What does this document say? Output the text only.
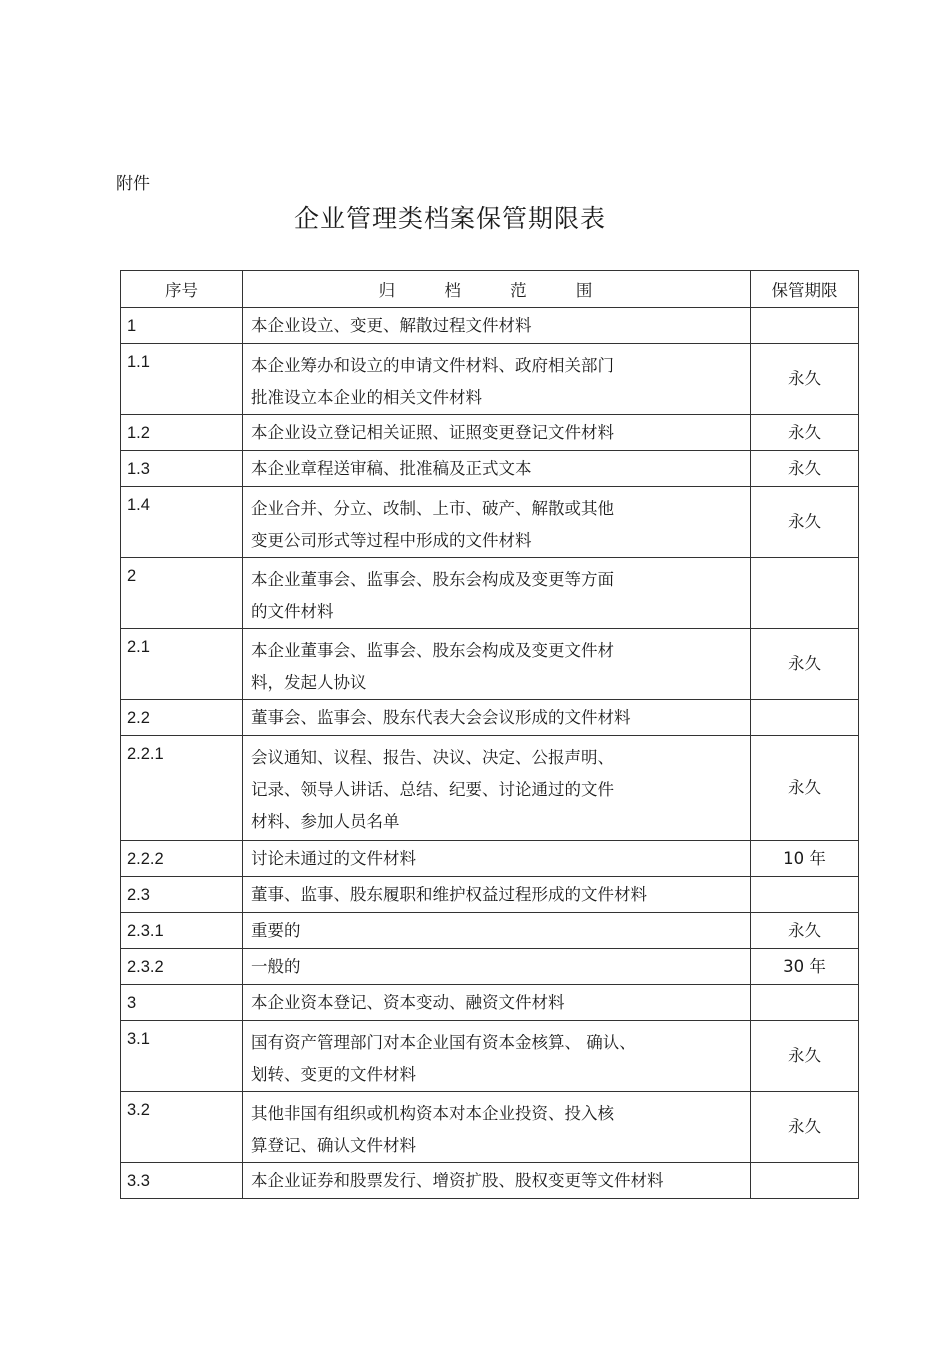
附件
企业管理类档案保管期限表
序号	归 档 范 围	保管期限
1	本企业设立、变更、解散过程文件材料	

1.1	本企业筹办和设立的申请文件材料、政府相关部门
批准设立本企业的相关文件材料	永久
1.2	本企业设立登记相关证照、证照变更登记文件材料	永久
1.3	本企业章程送审稿、批准稿及正式文本	永久
1.4	企业合并、分立、改制、上市、破产、解散或其他
变更公司形式等过程中形成的文件材料	永久
2	本企业董事会、监事会、股东会构成及变更等方面
的文件材料	

2.1	本企业董事会、监事会、股东会构成及变更文件材
料，发起人协议	永久
2.2	董事会、监事会、股东代表大会会议形成的文件材料	

2.2.1	会议通知、议程、报告、决议、决定、公报声明、
记录、领导人讲话、总结、纪要、讨论通过的文件
材料、参加人员名单	永久
2.2.2	讨论未通过的文件材料	10 年
2.3	董事、监事、股东履职和维护权益过程形成的文件材料	

2.3.1	重要的	永久
2.3.2	一般的	30 年
3	本企业资本登记、资本变动、融资文件材料	

3.1	国有资产管理部门对本企业国有资本金核算、 确认、
划转、变更的文件材料	永久
3.2	其他非国有组织或机构资本对本企业投资、投入核
算登记、确认文件材料	永久
3.3	本企业证券和股票发行、增资扩股、股权变更等文件材料	
